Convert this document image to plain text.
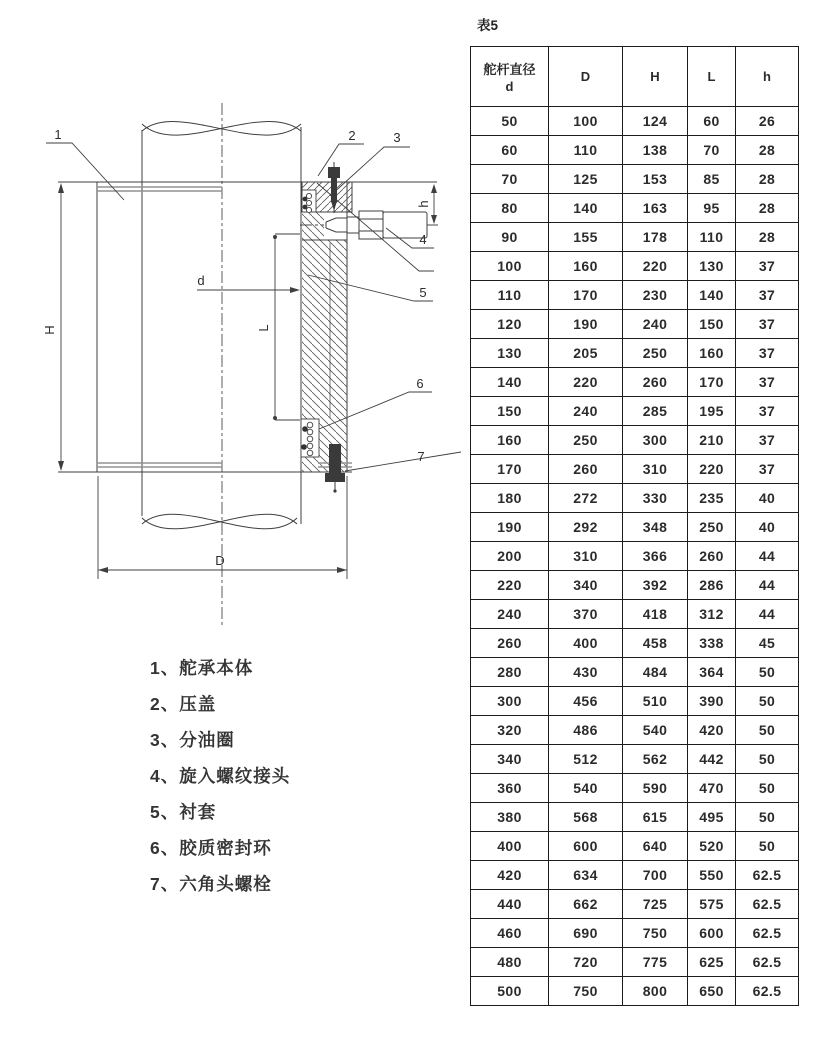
1	2	3
4
5
6
7
H
d
L
h
D
1、舵承本体
2、压盖
3、分油圈
4、旋入螺纹接头
5、衬套
6、胶质密封环
7、六角头螺栓
表5
舵杆直径
d	D	H	L	h
50	100	124	60	26
60	110	138	70	28
70	125	153	85	28
80	140	163	95	28
90	155	178	110	28
100	160	220	130	37
110	170	230	140	37
120	190	240	150	37
130	205	250	160	37
140	220	260	170	37
150	240	285	195	37
160	250	300	210	37
170	260	310	220	37
180	272	330	235	40
190	292	348	250	40
200	310	366	260	44
220	340	392	286	44
240	370	418	312	44
260	400	458	338	45
280	430	484	364	50
300	456	510	390	50
320	486	540	420	50
340	512	562	442	50
360	540	590	470	50
380	568	615	495	50
400	600	640	520	50
420	634	700	550	62.5
440	662	725	575	62.5
460	690	750	600	62.5
480	720	775	625	62.5
500	750	800	650	62.5
